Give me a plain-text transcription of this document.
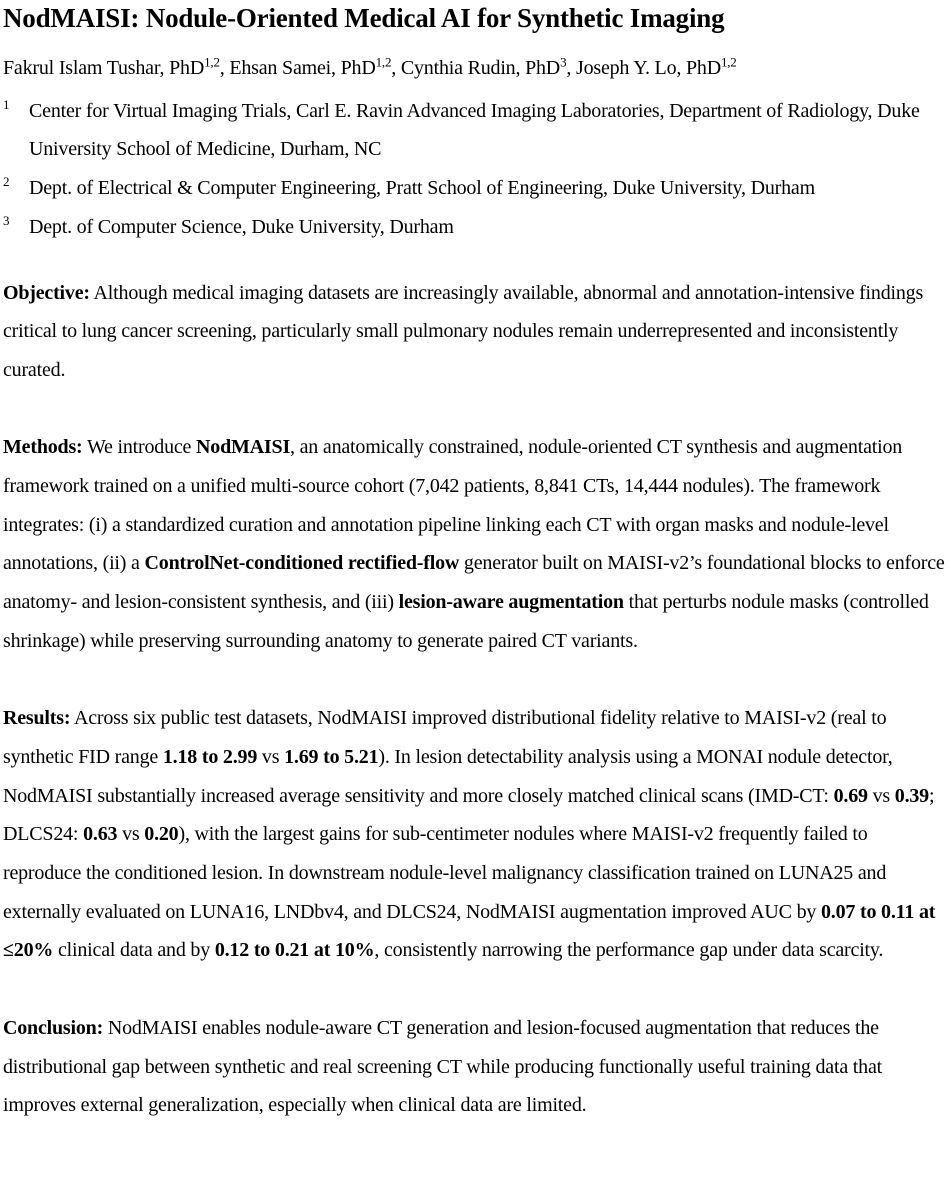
NodMAISI: Nodule-Oriented Medical AI for Synthetic Imaging

Fakrul Islam Tushar, PhD$^{1,2}$, Ehsan Samei, PhD$^{1,2}$, Cynthia Rudin, PhD$^3$, Joseph Y. Lo, PhD$^{1,2}$

$^1$ Center for Virtual Imaging Trials, Carl E. Ravin Advanced Imaging Laboratories, Department of Radiology, Duke University School of Medicine, Durham, NC
$^2$ Dept. of Electrical & Computer Engineering, Pratt School of Engineering, Duke University, Durham
$^3$ Dept. of Computer Science, Duke University, Durham

Objective: Although medical imaging datasets are increasingly available, abnormal and annotation-intensive findings critical to lung cancer screening, particularly small pulmonary nodules remain underrepresented and inconsistently curated.

Methods: We introduce NodMAISI, an anatomically constrained, nodule-oriented CT synthesis and augmentation framework trained on a unified multi-source cohort (7,042 patients, 8,841 CTs, 14,444 nodules). The framework integrates: (i) a standardized curation and annotation pipeline linking each CT with organ masks and nodule-level annotations, (ii) a ControlNet-conditioned rectified-flow generator built on MAISI-v2’s foundational blocks to enforce anatomy- and lesion-consistent synthesis, and (iii) lesion-aware augmentation that perturbs nodule masks (controlled shrinkage) while preserving surrounding anatomy to generate paired CT variants.

Results: Across six public test datasets, NodMAISI improved distributional fidelity relative to MAISI-v2 (real to synthetic FID range 1.18 to 2.99 vs 1.69 to 5.21). In lesion detectability analysis using a MONAI nodule detector, NodMAISI substantially increased average sensitivity and more closely matched clinical scans (IMD-CT: 0.69 vs 0.39; DLCS24: 0.63 vs 0.20), with the largest gains for sub-centimeter nodules where MAISI-v2 frequently failed to reproduce the conditioned lesion. In downstream nodule-level malignancy classification trained on LUNA25 and externally evaluated on LUNA16, LNDbv4, and DLCS24, NodMAISI augmentation improved AUC by 0.07 to 0.11 at ≤20% clinical data and by 0.12 to 0.21 at 10%, consistently narrowing the performance gap under data scarcity.

Conclusion: NodMAISI enables nodule-aware CT generation and lesion-focused augmentation that reduces the distributional gap between synthetic and real screening CT while producing functionally useful training data that improves external generalization, especially when clinical data are limited.
